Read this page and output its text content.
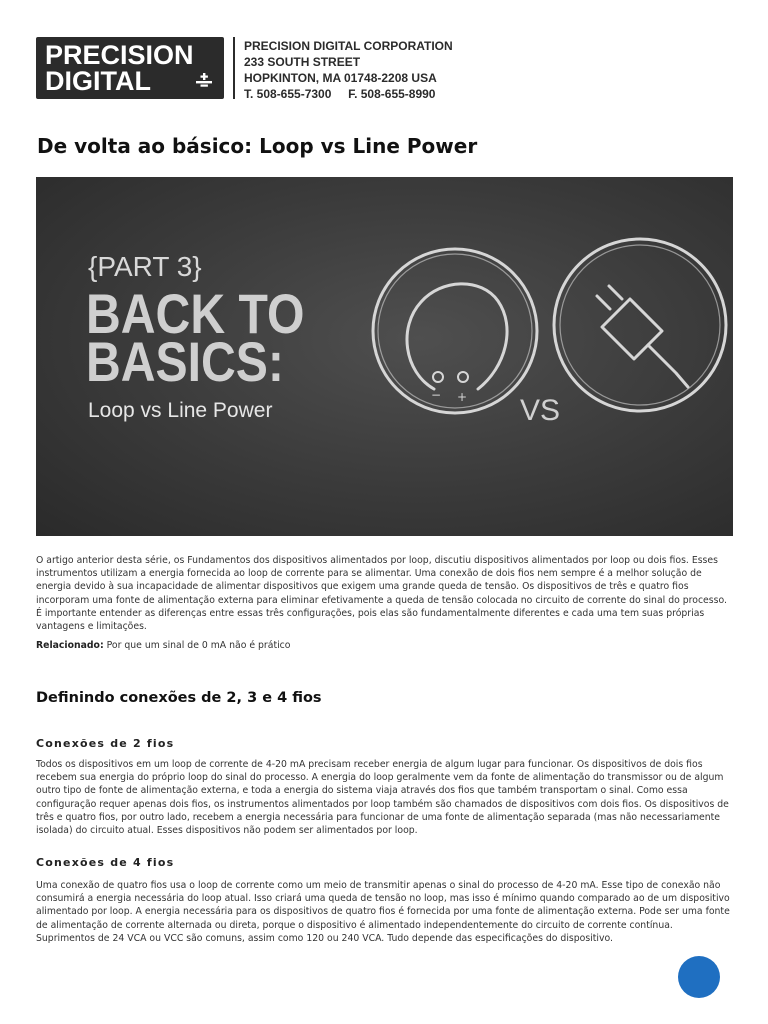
PRECISION
DIGITAL
PRECISION DIGITAL CORPORATION
233 SOUTH STREET
HOPKINTON, MA 01748-2208 USA
T. 508-655-7300 F. 508-655-8990
De volta ao básico: Loop vs Line Power
{PART 3}
BACK TO
BASICS:
Loop vs Line Power
− + VS

O artigo anterior desta série, os Fundamentos dos dispositivos alimentados por loop, discutiu dispositivos alimentados por loop ou dois fios. Esses instrumentos utilizam a energia fornecida ao loop de corrente para se alimentar. Uma conexão de dois fios nem sempre é a melhor solução de energia devido à sua incapacidade de alimentar dispositivos que exigem uma grande queda de tensão. Os dispositivos de três e quatro fios incorporam uma fonte de alimentação externa para eliminar efetivamente a queda de tensão colocada no circuito de corrente do sinal do processo. É importante entender as diferenças entre essas três configurações, pois elas são fundamentalmente diferentes e cada uma tem suas próprias vantagens e limitações.

Relacionado: Por que um sinal de 0 mA não é prático
Definindo conexões de 2, 3 e 4 fios
Conexões de 2 fios

Todos os dispositivos em um loop de corrente de 4-20 mA precisam receber energia de algum lugar para funcionar. Os dispositivos de dois fios recebem sua energia do próprio loop do sinal do processo. A energia do loop geralmente vem da fonte de alimentação do transmissor ou de algum outro tipo de fonte de alimentação externa, e toda a energia do sistema viaja através dos fios que também transportam o sinal. Como essa configuração requer apenas dois fios, os instrumentos alimentados por loop também são chamados de dispositivos com dois fios. Os dispositivos de três e quatro fios, por outro lado, recebem a energia necessária para funcionar de uma fonte de alimentação separada (mas não necessariamente isolada) do circuito atual. Esses dispositivos não podem ser alimentados por loop.

Conexões de 4 fios

Uma conexão de quatro fios usa o loop de corrente como um meio de transmitir apenas o sinal do processo de 4-20 mA. Esse tipo de conexão não consumirá a energia necessária do loop atual. Isso criará uma queda de tensão no loop, mas isso é mínimo quando comparado ao de um dispositivo alimentado por loop. A energia necessária para os dispositivos de quatro fios é fornecida por uma fonte de alimentação externa. Pode ser uma fonte de alimentação de corrente alternada ou direta, porque o dispositivo é alimentado independentemente do circuito de corrente contínua. Suprimentos de 24 VCA ou VCC são comuns, assim como 120 ou 240 VCA. Tudo depende das especificações do dispositivo.
